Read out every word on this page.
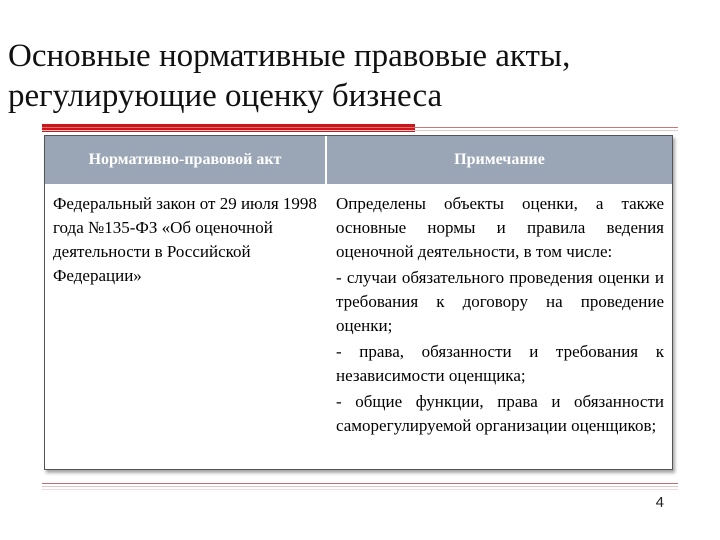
Основные нормативные правовые акты, регулирующие оценку бизнеса
Нормативно-правовой акт	Примечание
Федеральный закон от 29 июля 1998 года №135-ФЗ «Об оценочной деятельности в Российской Федерации»	Определены объекты оценки, а также основные нормы и правила ведения оценочной деятельности, в том числе:

- случаи обязательного проведения оценки и требования к договору на проведение оценки;

- права, обязанности и требования к независимости оценщика;

- общие функции, права и обязанности саморегулируемой организации оценщиков;

4
